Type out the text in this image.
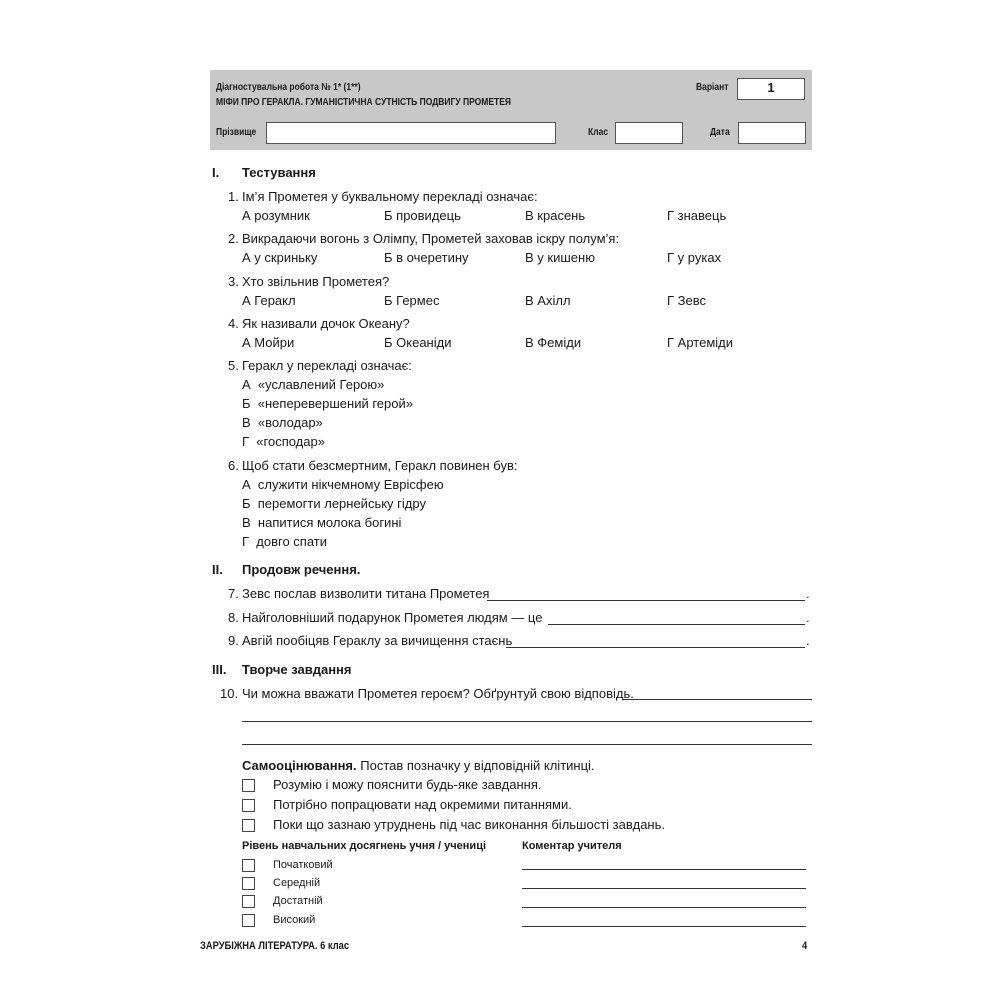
Діагностувальна робота № 1* (1**)
МІФИ ПРО ГЕРАКЛА. ГУМАНІСТИЧНА СУТНІСТЬ ПОДВИГУ ПРОМЕТЕЯ
Варіант	1
Прізвище	Клас	Дата
I. Тестування
1. Ім’я Прометея у буквальному перекладі означає:
А розумник	Б провидець	В красень	Г знавець
2. Викрадаючи вогонь з Олімпу, Прометей заховав іскру полум’я:
А у скриньку	Б в очеретину	В у кишеню	Г у руках
3. Хто звільнив Прометея?
А Геракл	Б Гермес	В Ахілл	Г Зевс
4. Як називали дочок Океану?
А Мойри	Б Океаніди	В Феміди	Г Артеміди
5. Геракл у перекладі означає:
А «уславлений Герою»
Б «неперевершений герой»
В «володар»
Г «господар»
6. Щоб стати безсмертним, Геракл повинен був:
А служити нікчемному Еврісфею
Б перемогти лернейську гідру
В напитися молока богині
Г довго спати
II. Продовж речення.
7. Зевс послав визволити титана Прометея	.
8. Найголовніший подарунок Прометея людям — це	.
9. Авгій пообіцяв Гераклу за вичищення стаєнь	.
III. Творче завдання
10. Чи можна вважати Прометея героєм? Обґрунтуй свою відповідь.
Самооцінювання. Постав позначку у відповідній клітинці.
Розумію і можу пояснити будь-яке завдання.
Потрібно попрацювати над окремими питаннями.
Поки що зазнаю утруднень під час виконання більшості завдань.
Рівень навчальних досягнень учня / учениці	Коментар учителя
Початковий
Середній
Достатній
Високий
ЗАРУБІЖНА ЛІТЕРАТУРА. 6 клас	4
